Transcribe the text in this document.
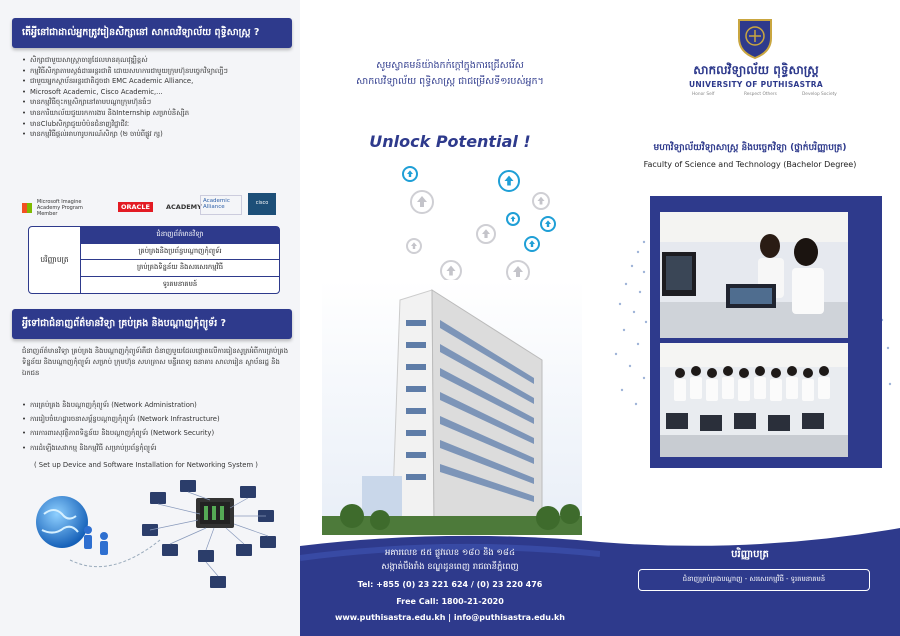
តើអ្វីនៅជាដាល់អ្នកត្រូវរៀនសិក្សានៅ សាកលវិទ្យាល័យ ពុទ្ធិសាស្ត្រ ?
• សិក្សាជាមួយសាស្ត្រាចារ្យដែលមានគុណវុឌ្ឍិខ្ពស់
• កម្មវិធីសិក្សាតាមស្តង់ដារអន្តរជាតិ ដោយសហការជាមួយក្រុមហ៊ុនបច្ចេកវិទ្យាល្បីៗ
• ជាមួយអ្នកស្ថាប័នអន្តរជាតិដូចជា EMC Academic Alliance,
• Microsoft Academic, Cisco Academic,...
• មានកម្មវិធីចុះកម្មសិក្សានៅតាមបណ្តាក្រុមហ៊ុនធំៗ
• មានការិយាល័យជួយរកការងារ និងInternship សម្រាប់និស្សិត
• មានClubសិក្សាជួយបំប៉នជំនាញវិជ្ជាជីវៈ
• មានកម្មវិធីផ្តល់អាហារូបករណ៍សិក្សា (២ ចាប់ពីផ្លូវ ក្ស)
Microsoft Imagine Academy Program Member
ORACLE ACADEMY
Academic Alliance
cisco
បរិញ្ញាបត្រ
ជំនាញព័ត៌មានវិទ្យា
គ្រប់គ្រងនិងប្រព័ន្ធបណ្តាញកុំព្យូទ័រ
គ្រប់គ្រងទិន្នន័យ និងសរសេរកម្មវិធី
ទូរគមនាគមន៍
អ្វីទៅជាជំនាញព័ត៌មានវិទ្យា គ្រប់គ្រង និងបណ្តាញកុំព្យូទ័រ ?

ជំនាញព័ត៌មានវិទ្យា គ្រប់គ្រង និងបណ្តាញកុំព្យូទ័រគឺជា ជំនាញមួយដែលផ្តោតលើការរៀនសូត្រអំពីការគ្រប់គ្រងទិន្នន័យ និងបណ្តាញកុំព្យូទ័រ សម្រាប់ ក្រុមហ៊ុន សហគ្រាស មន្ទីរពេទ្យ ធនាគារ សាលារៀន ស្ថាប័នរដ្ឋ និងឯកជន

• ការគ្រប់គ្រង និងបណ្តាញកុំព្យូទ័រ (Network Administration)
• ការរៀបចំហេដ្ឋារចនាសម្ព័ន្ធបណ្តាញកុំព្យូទ័រ (Network Infrastructure)
• ការការពារសុវត្ថិភាពទិន្នន័យ និងបណ្តាញកុំព្យូទ័រ (Network Security)
• ការដំឡើងសេវាកម្ម និងកម្មវិធី សម្រាប់ប្រព័ន្ធកុំព្យូទ័រ
( Set up Device and Software Installation for Networking System )
សូមស្វាគមន៍យ៉ាងកក់ក្តៅក្នុងការជ្រើសរើស
សាកលវិទ្យាល័យ ពុទ្ធិសាស្ត្រ ជាជម្រើសទី១របស់អ្នក។
Unlock Potential !
អគារលេខ ៥៥ ផ្លូវលេខ ១៨០ និង ១៨៤
សង្កាត់បឹងរាំង ខណ្ឌដូនពេញ រាជធានីភ្នំពេញ
Tel: +855 (0) 23 221 624 / (0) 23 220 476
Free Call: 1800-21-2020
www.puthisastra.edu.kh | info@puthisastra.edu.kh
សាកលវិទ្យាល័យ ពុទ្ធិសាស្ត្រ
UNIVERSITY OF PUTHISASTRA
Honor Self	Respect Others	Develop Society
មហាវិទ្យាល័យវិទ្យាសាស្ត្រ និងបច្ចេកវិទ្យា (ថ្នាក់បរិញ្ញាបត្រ)
Faculty of Science and Technology (Bachelor Degree)
បរិញ្ញាបត្រ
ជំនាញគ្រប់គ្រងបណ្តាញ - សរសេរកម្មវិធី - ទូរគមនាគមន៍
